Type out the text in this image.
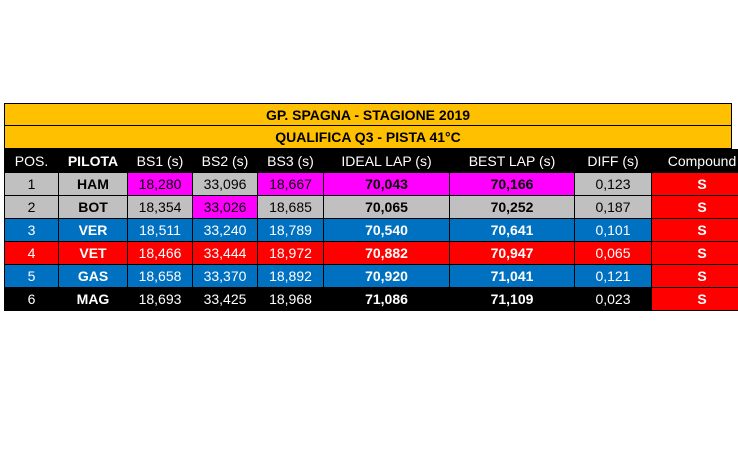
GP. SPAGNA - STAGIONE 2019
QUALIFICA Q3 - PISTA 41°C
POS.	PILOTA	BS1 (s)	BS2 (s)	BS3 (s)	IDEAL LAP (s)	BEST LAP (s)	DIFF (s)	Compound
1	HAM	18,280	33,096	18,667	70,043	70,166	0,123	S
2	BOT	18,354	33,026	18,685	70,065	70,252	0,187	S
3	VER	18,511	33,240	18,789	70,540	70,641	0,101	S
4	VET	18,466	33,444	18,972	70,882	70,947	0,065	S
5	GAS	18,658	33,370	18,892	70,920	71,041	0,121	S
6	MAG	18,693	33,425	18,968	71,086	71,109	0,023	S
